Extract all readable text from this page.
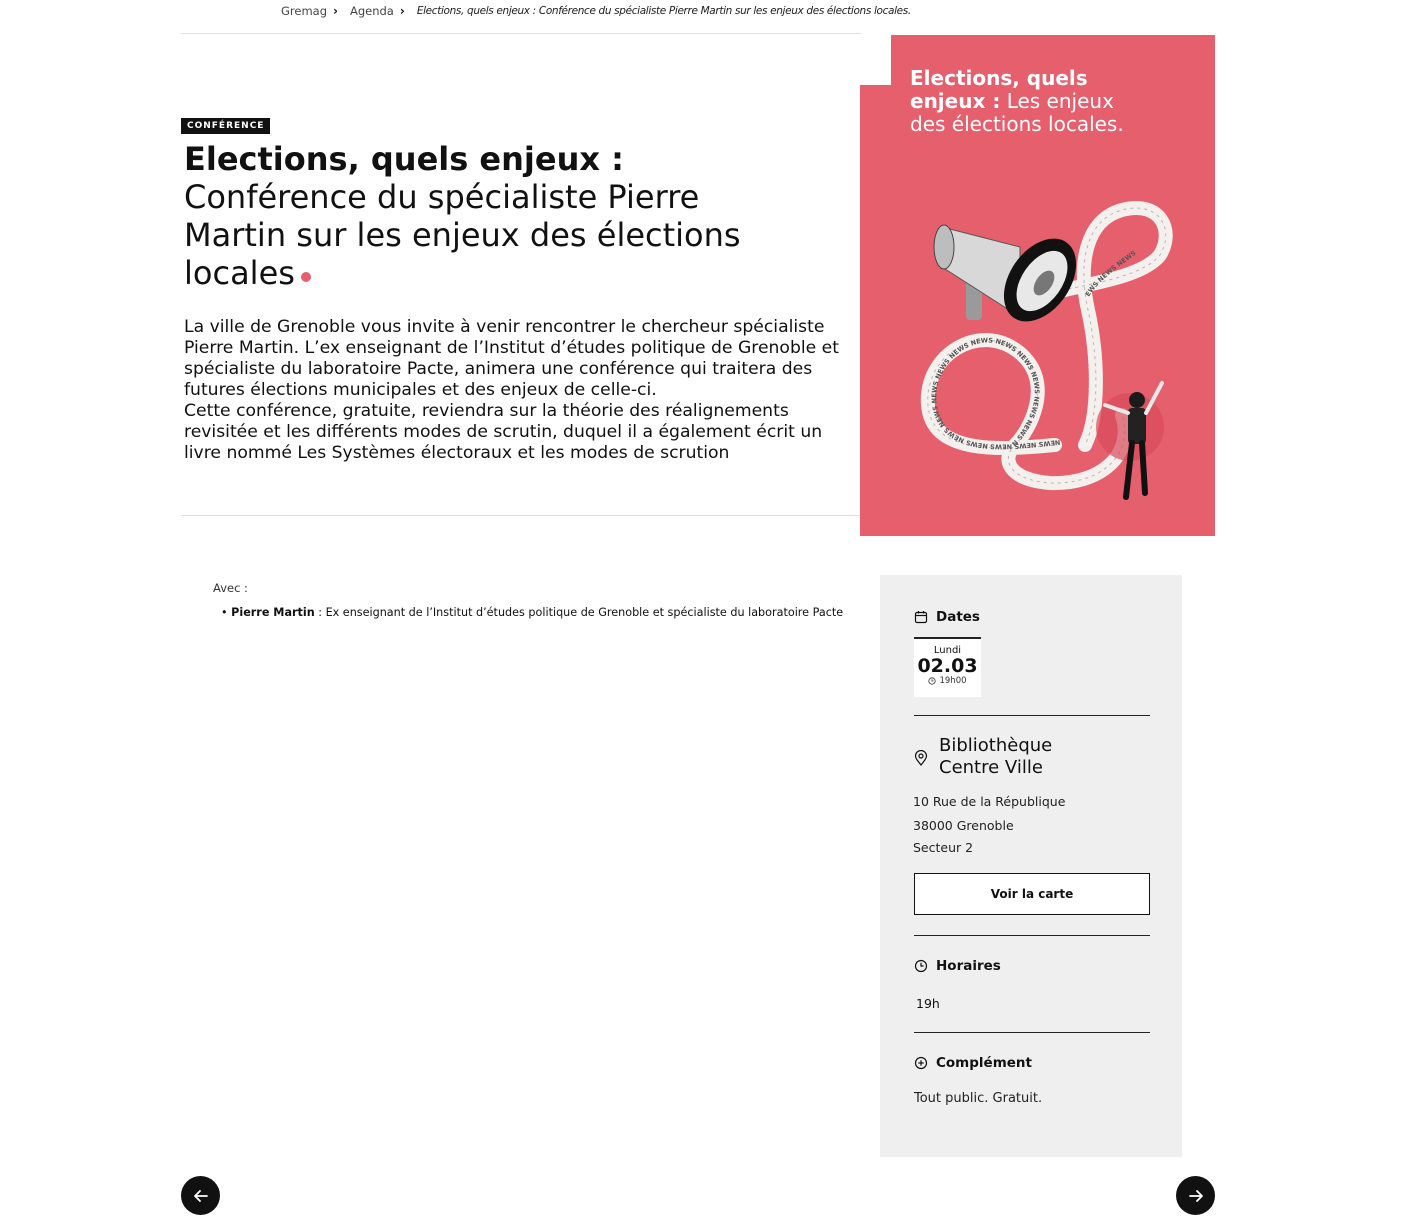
Gremag › Agenda › Elections, quels enjeux : Conférence du spécialiste Pierre Martin sur les enjeux des élections locales.
Elections, quels enjeux : Les enjeux des élections locales.
NEWS NEWS NEWS NEWS NEWS NEWS NEWS NEWS NEWS NEWS NEWS NEWS NEWS NEWS NEWS NEWS NEWS NEWS
CONFÉRENCE
Elections, quels enjeux : Conférence du spécialiste Pierre Martin sur les enjeux des élections locales

La ville de Grenoble vous invite à venir rencontrer le chercheur spécialiste Pierre Martin. L’ex enseignant de l’Institut d’études politique de Grenoble et spécialiste du laboratoire Pacte, animera une conférence qui traitera des futures élections municipales et des enjeux de celle-ci.

Cette conférence, gratuite, reviendra sur la théorie des réalignements revisitée et les différents modes de scrutin, duquel il a également écrit un livre nommé Les Systèmes électoraux et les modes de scrution

Avec :
• Pierre Martin : Ex enseignant de l’Institut d’études politique de Grenoble et spécialiste du laboratoire Pacte	Dates
Lundi
02.03
19h00
Bibliothèque Centre Ville
10 Rue de la République
38000 Grenoble
Secteur 2
Voir la carte
Horaires
19h
Complément
Tout public. Gratuit.
